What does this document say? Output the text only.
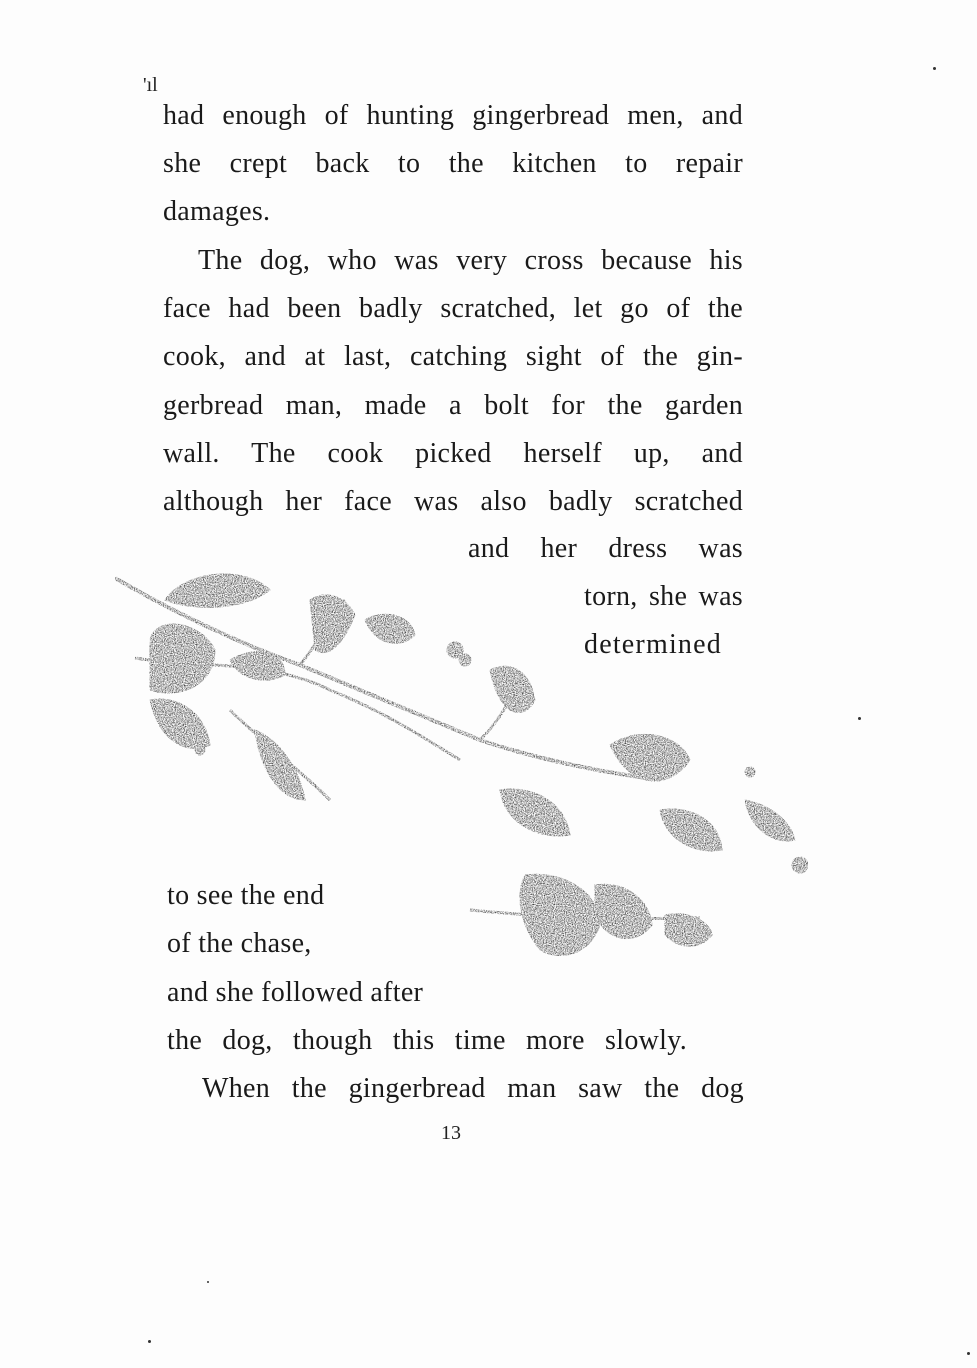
'ıl
had enough of hunting gingerbread men, and
she crept back to the kitchen to repair
damages.
The dog, who was very cross because his
face had been badly scratched, let go of the
cook, and at last, catching sight of the gin-
gerbread man, made a bolt for the garden
wall. The cook picked herself up, and
although her face was also badly scratched
and her dress was
torn, she was
determined
to see the end
of the chase,
and she followed after
the dog, though this time more slowly.
When the gingerbread man saw the dog
13
